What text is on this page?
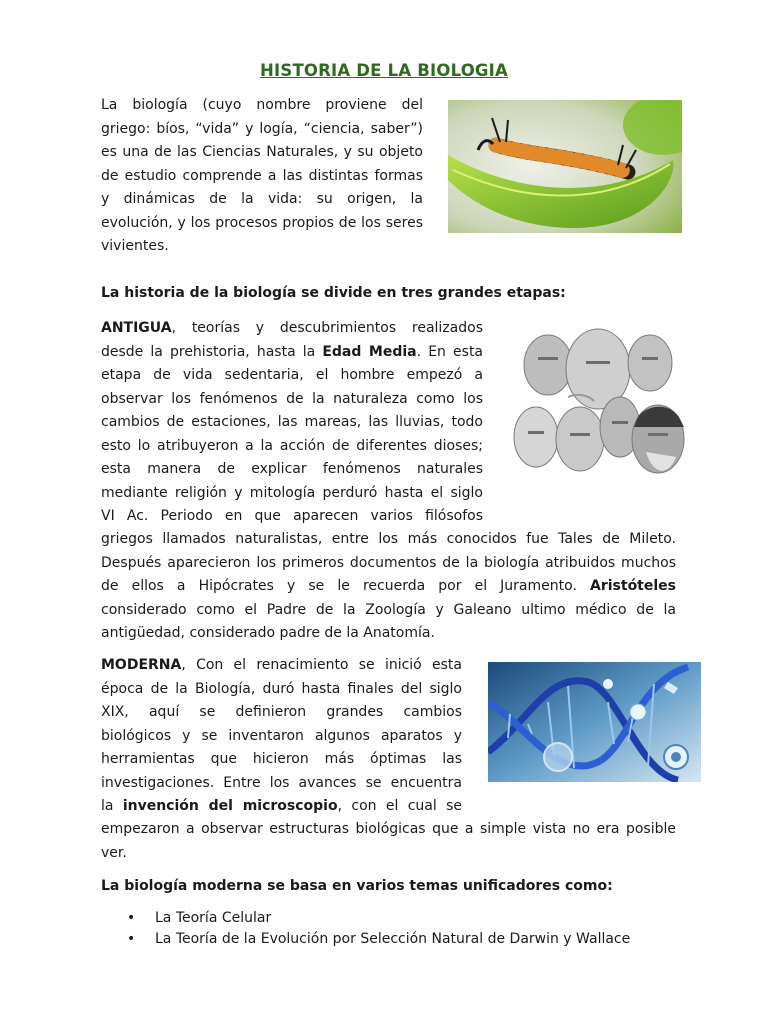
HISTORIA DE LA BIOLOGIA
La biología (cuyo nombre proviene del
griego: bíos, “vida” y logía, “ciencia, saber”)
es una de las Ciencias Naturales, y su objeto
de estudio comprende a las distintas formas
y dinámicas de la vida: su origen, la
evolución, y los procesos propios de los seres
vivientes.
La historia de la biología se divide en tres grandes etapas:
ANTIGUA, teorías y descubrimientos realizados
desde la prehistoria, hasta la Edad Media. En esta
etapa de vida sedentaria, el hombre empezó a
observar los fenómenos de la naturaleza como los
cambios de estaciones, las mareas, las lluvias, todo
esto lo atribuyeron a la acción de diferentes dioses;
esta manera de explicar fenómenos naturales
mediante religión y mitología perduró hasta el siglo
VI Ac. Periodo en que aparecen varios filósofos
griegos llamados naturalistas, entre los más conocidos fue Tales de Mileto.
Después aparecieron los primeros documentos de la biología atribuidos muchos
de ellos a Hipócrates y se le recuerda por el Juramento. Aristóteles
considerado como el Padre de la Zoología y Galeano ultimo médico de la
antigüedad, considerado padre de la Anatomía.
MODERNA, Con el renacimiento se inició esta
época de la Biología, duró hasta finales del siglo
XIX, aquí se definieron grandes cambios
biológicos y se inventaron algunos aparatos y
herramientas que hicieron más óptimas las
investigaciones. Entre los avances se encuentra
la invención del microscopio, con el cual se
empezaron a observar estructuras biológicas que a simple vista no era posible
ver.
La biología moderna se basa en varios temas unificadores como:
• La Teoría Celular
• La Teoría de la Evolución por Selección Natural de Darwin y Wallace
